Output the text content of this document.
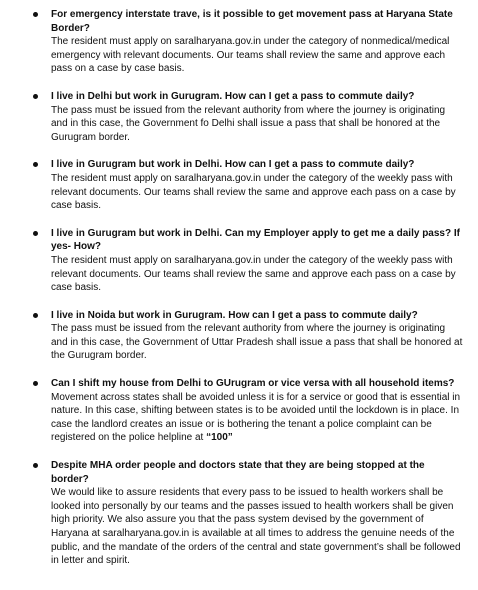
For emergency interstate trave, is it possible to get movement pass at Haryana State Border?
The resident must apply on saralharyana.gov.in under the category of nonmedical/medical emergency with relevant documents. Our teams shall review the same and approve each pass on a case by case basis.
I live in Delhi but work in Gurugram. How can I get a pass to commute daily?
The pass must be issued from the relevant authority from where the journey is originating and in this case, the Government fo Delhi shall issue a pass that shall be honored at the Gurugram border.
I live in Gurugram but work in Delhi. How can I get a pass to commute daily?
The resident must apply on saralharyana.gov.in under the category of the weekly pass with relevant documents. Our teams shall review the same and approve each pass on a case by case basis.
I live in Gurugram but work in Delhi. Can my Employer apply to get me a daily pass? If yes- How?
The resident must apply on saralharyana.gov.in under the category of the weekly pass with relevant documents. Our teams shall review the same and approve each pass on a case by case basis.
I live in Noida but work in Gurugram. How can I get a pass to commute daily?
The pass must be issued from the relevant authority from where the journey is originating and in this case, the Government of Uttar Pradesh shall issue a pass that shall be honored at the Gurugram border.
Can I shift my house from Delhi to GUrugram or vice versa with all household items?
Movement across states shall be avoided unless it is for a service or good that is essential in nature. In this case, shifting between states is to be avoided until the lockdown is in place. In case the landlord creates an issue or is bothering the tenant a police complaint can be registered on the police helpline at “100”
Despite MHA order people and doctors state that they are being stopped at the border?
We would like to assure residents that every pass to be issued to health workers shall be looked into personally by our teams and the passes issued to health workers shall be given high priority. We also assure you that the pass system devised by the government of Haryana at saralharyana.gov.in is available at all times to address the genuine needs of the public, and the mandate of the orders of the central and state government’s shall be followed in letter and spirit.
